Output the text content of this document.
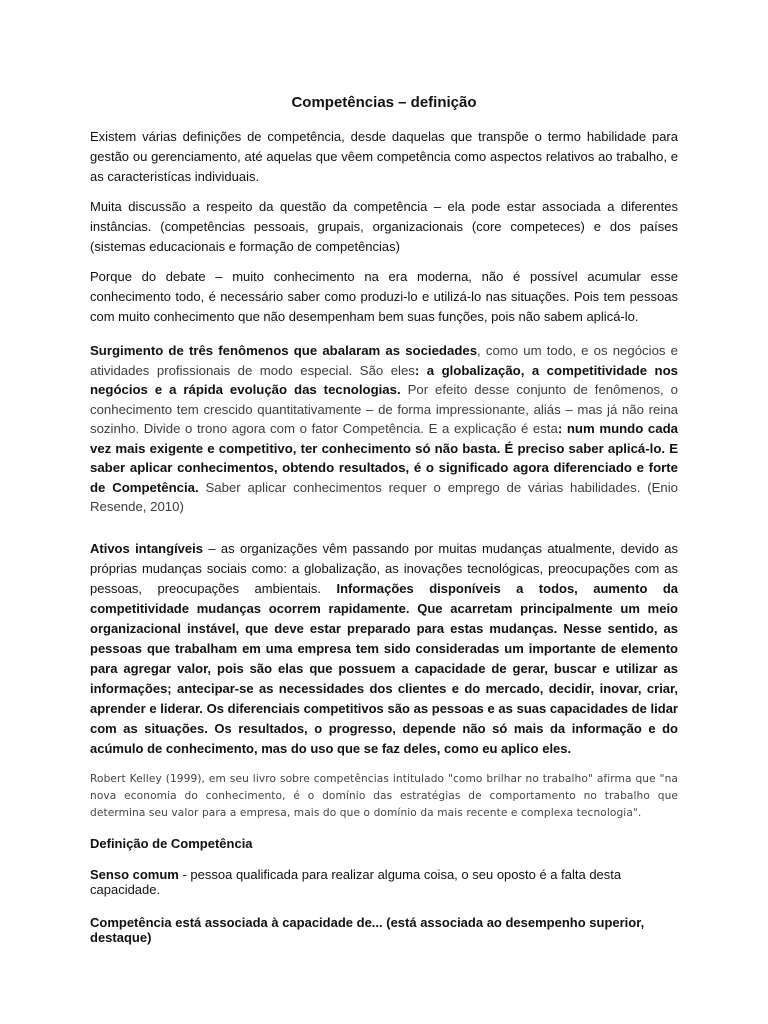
Competências – definição

Existem várias definições de competência, desde daquelas que transpõe o termo habilidade para gestão ou gerenciamento, até aquelas que vêem competência como aspectos relativos ao trabalho, e as caracteristícas individuais.

Muita discussão a respeito da questão da competência – ela pode estar associada a diferentes instâncias. (competências pessoais, grupais, organizacionais (core competeces) e dos países (sistemas educacionais e formação de competências)

Porque do debate – muito conhecimento na era moderna, não é possível acumular esse conhecimento todo, é necessário saber como produzi-lo e utilizá-lo nas situações. Pois tem pessoas com muito conhecimento que não desempenham bem suas funções, pois não sabem aplicá-lo.

Surgimento de três fenômenos que abalaram as sociedades, como um todo, e os negócios e atividades profissionais de modo especial. São eles: a globalização, a competitividade nos negócios e a rápida evolução das tecnologias. Por efeito desse conjunto de fenômenos, o conhecimento tem crescido quantitativamente – de forma impressionante, aliás – mas já não reina sozinho. Divide o trono agora com o fator Competência. E a explicação é esta: num mundo cada vez mais exigente e competitivo, ter conhecimento só não basta. É preciso saber aplicá-lo. E saber aplicar conhecimentos, obtendo resultados, é o significado agora diferenciado e forte de Competência. Saber aplicar conhecimentos requer o emprego de várias habilidades. (Enio Resende, 2010)

Ativos intangíveis – as organizações vêm passando por muitas mudanças atualmente, devido as próprias mudanças sociais como: a globalização, as inovações tecnológicas, preocupações com as pessoas, preocupações ambientais. Informações disponíveis a todos, aumento da competitividade mudanças ocorrem rapidamente. Que acarretam principalmente um meio organizacional instável, que deve estar preparado para estas mudanças. Nesse sentido, as pessoas que trabalham em uma empresa tem sido consideradas um importante de elemento para agregar valor, pois são elas que possuem a capacidade de gerar, buscar e utilizar as informações; antecipar-se as necessidades dos clientes e do mercado, decidir, inovar, criar, aprender e liderar. Os diferenciais competitivos são as pessoas e as suas capacidades de lidar com as situações. Os resultados, o progresso, depende não só mais da informação e do acúmulo de conhecimento, mas do uso que se faz deles, como eu aplico eles.

Robert Kelley (1999), em seu livro sobre competências intitulado "como brilhar no trabalho" afirma que "na nova economia do conhecimento, é o domínio das estratégias de comportamento no trabalho que determina seu valor para a empresa, mais do que o domínio da mais recente e complexa tecnologia".

Definição de Competência
Senso comum - pessoa qualificada para realizar alguma coisa, o seu oposto é a falta desta capacidade.
Competência está associada à capacidade de... (está associada ao desempenho superior, destaque)
